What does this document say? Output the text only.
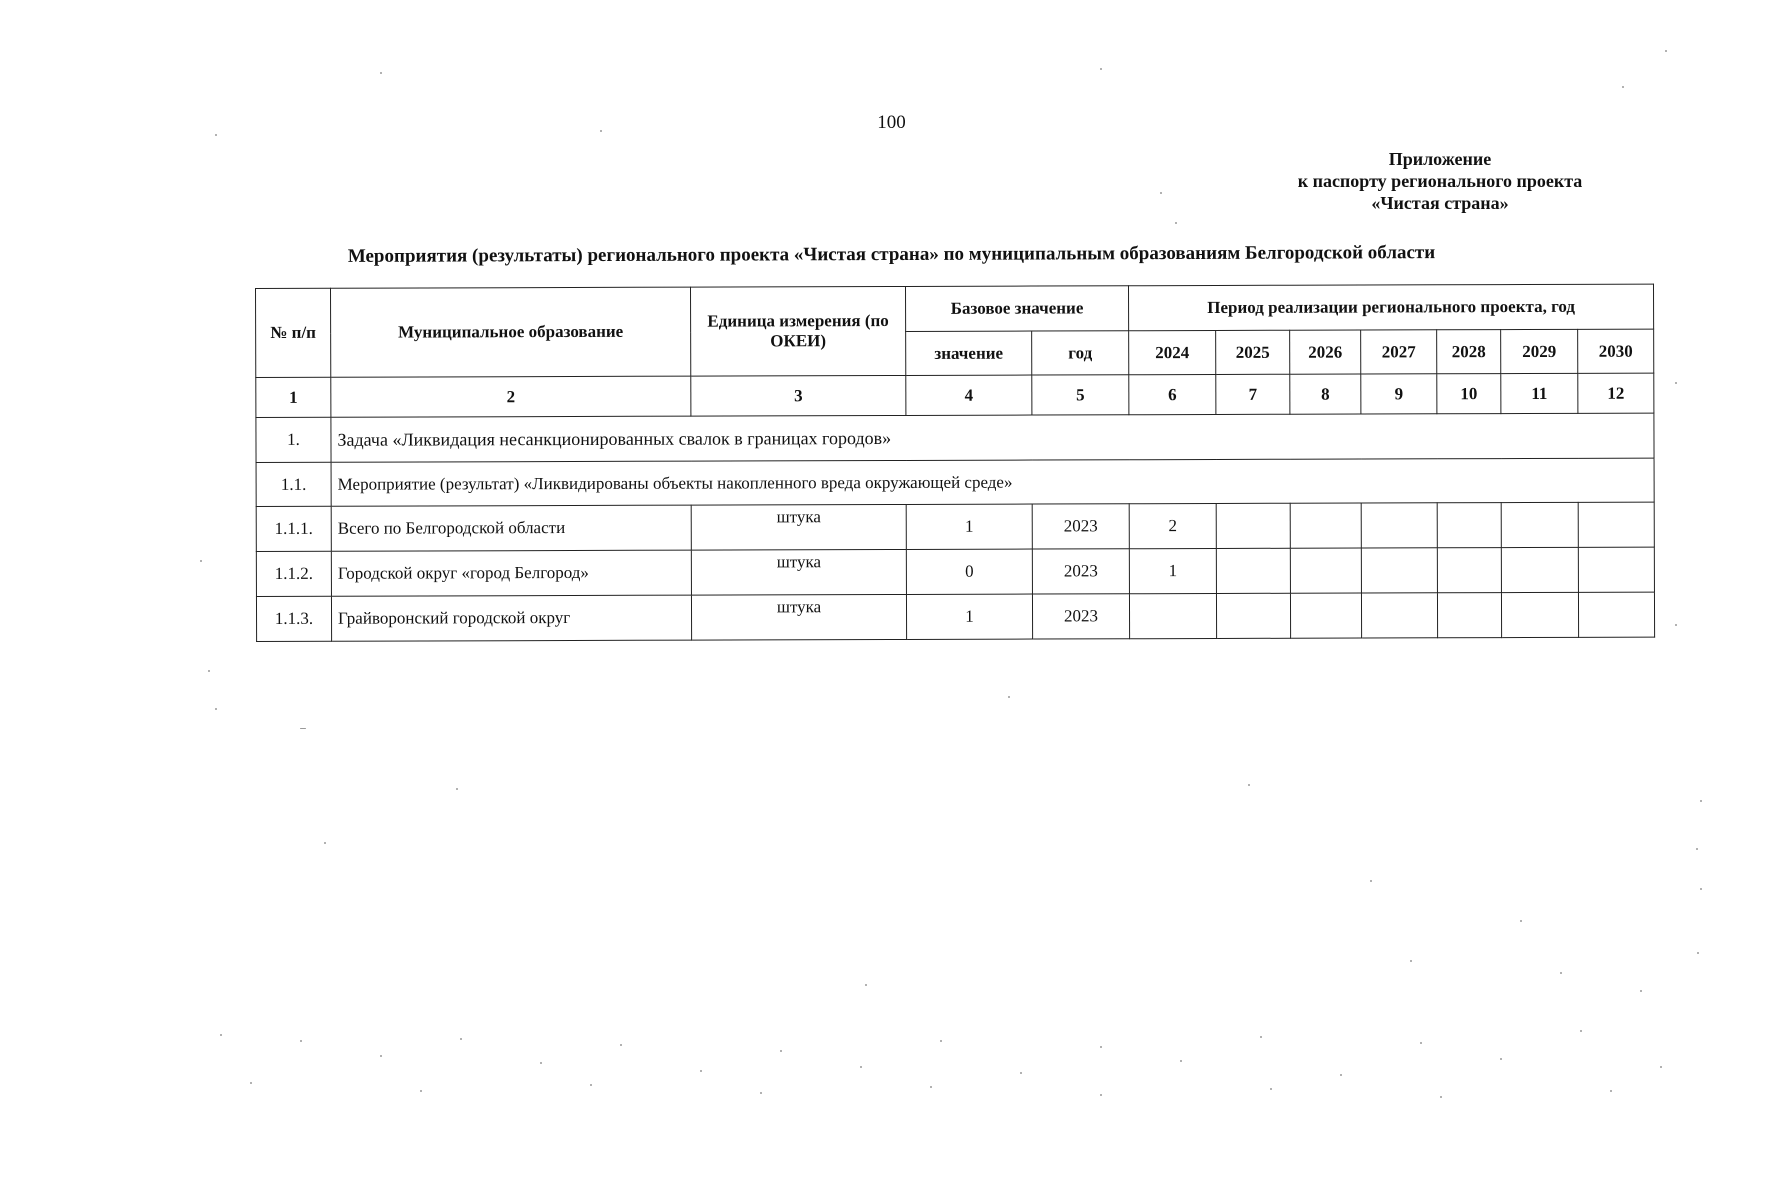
100
Приложение
к паспорту регионального проекта
«Чистая страна»
Мероприятия (результаты) регионального проекта «Чистая страна» по муниципальным образованиям Белгородской области
№ п/п	Муниципальное образование	Единица измерения (по ОКЕИ)	Базовое значение		Период реализации регионального проекта, год						
			значение	год	2024	2025	2026	2027	2028	2029	2030
1	2	3	4	5	6	7	8	9	10	11	12
1.	Задача «Ликвидация несанкционированных свалок в границах городов»										
1.1.	Мероприятие (результат) «Ликвидированы объекты накопленного вреда окружающей среде»										
1.1.1.	Всего по Белгородской области	штука	1	2023	2						
1.1.2.	Городской округ «город Белгород»	штука	0	2023	1						
1.1.3.	Грайворонский городской округ	штука	1	2023							
